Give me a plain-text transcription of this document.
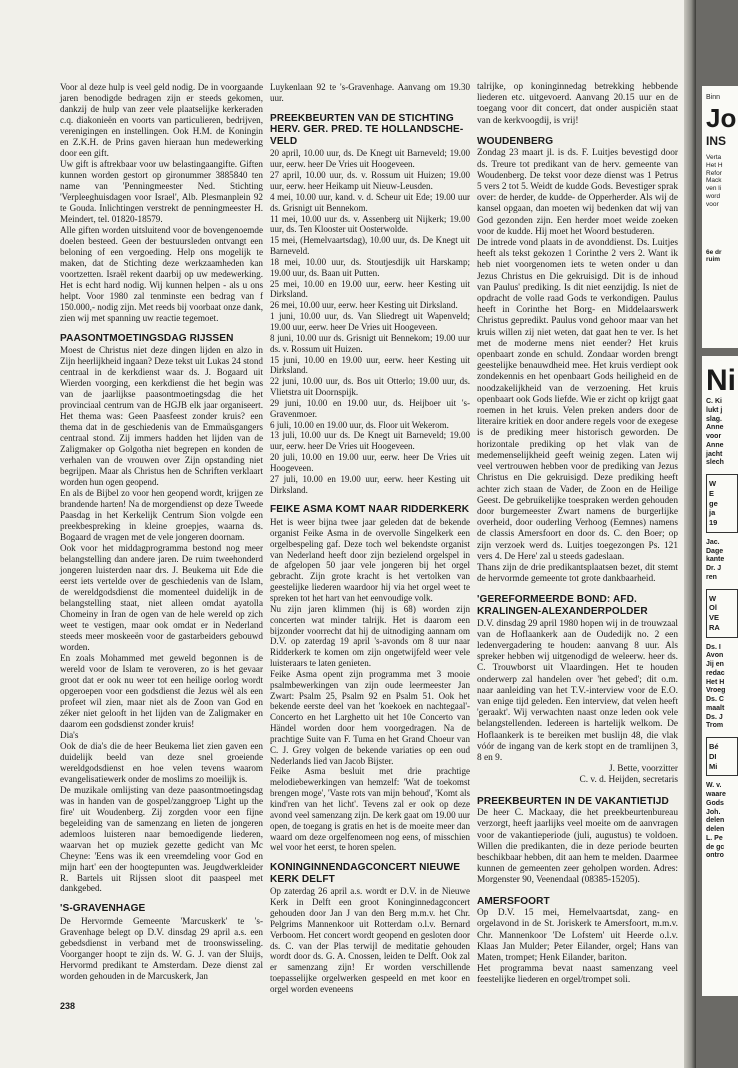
Voor al deze hulp is veel geld nodig. De in voorgaande jaren benodigde bedragen zijn er steeds gekomen, dankzij de hulp van zeer vele plaatselijke kerkeraden c.q. diakonieën en voorts van particulieren, bedrijven, verenigingen en instellingen. Ook H.M. de Koningin en Z.K.H. de Prins gaven hieraan hun medewerking door een gift.

Uw gift is aftrekbaar voor uw belastingaangifte. Giften kunnen worden gestort op gironummer 3885840 ten name van 'Penningmeester Ned. Stichting 'Verpleeghuisdagen voor Israel', Alb. Plesmanplein 92 te Gouda. Inlichtingen verstrekt de penningmeester H. Meindert, tel. 01820-18579.

Alle giften worden uitsluitend voor de bovengenoemde doelen besteed. Geen der bestuursleden ontvangt een beloning of een vergoeding. Help ons mogelijk te maken, dat de Stichting deze werkzaamheden kan voortzetten. Israël rekent daarbij op uw medewerking. Het is echt hard nodig. Wij kunnen helpen - als u ons helpt. Voor 1980 zal tenminste een bedrag van f 150.000,- nodig zijn. Met reeds bij voorbaat onze dank, zien wij met spanning uw reactie tegemoet.

PAASONTMOETINGSDAG RIJSSEN

Moest de Christus niet deze dingen lijden en alzo in Zijn heerlijkheid ingaan? Deze tekst uit Lukas 24 stond centraal in de kerkdienst waar ds. J. Bogaard uit Wierden voorging, een kerkdienst die het begin was van de jaarlijkse paasontmoetingsdag die het provinciaal centrum van de HGJB elk jaar organiseert. Het thema was: Geen Paasfeest zonder kruis? een thema dat in de geschiedenis van de Emmaüsgangers centraal stond. Zij immers hadden het lijden van de Zaligmaker op Golgotha niet begrepen en konden de verhalen van de vrouwen over Zijn opstanding niet begrijpen. Maar als Christus hen de Schriften verklaart worden hun ogen geopend.

En als de Bijbel zo voor hen geopend wordt, krijgen ze brandende harten! Na de morgendienst op deze Tweede Paasdag in het Kerkelijk Centrum Sion volgde een preekbespreking in kleine groepjes, waarna ds. Bogaard de vragen met de vele jongeren doornam.

Ook voor het middagprogramma bestond nog meer belangstelling dan andere jaren. De ruim tweehonderd jongeren luisterden naar drs. J. Beukema uit Ede die eerst iets vertelde over de geschiedenis van de Islam, de wereldgodsdienst die momenteel duidelijk in de belangstelling staat, niet alleen omdat ayatolla Chomeiny in Iran de ogen van de hele wereld op zich weet te vestigen, maar ook omdat er in Nederland steeds meer moskeeën voor de gastarbeiders gebouwd worden.

En zoals Mohammed met geweld begonnen is de wereld voor de Islam te veroveren, zo is het gevaar groot dat er ook nu weer tot een heilige oorlog wordt opgeroepen voor een godsdienst die Jezus wèl als een profeet wil zien, maar niet als de Zoon van God en zéker niet gelooft in het lijden van de Zaligmaker en daarom een godsdienst zonder kruis!

Dia's

Ook de dia's die de heer Beukema liet zien gaven een duidelijk beeld van deze snel groeiende wereldgodsdienst en hoe velen tevens waarom evangelisatiewerk onder de moslims zo moeilijk is.

De muzikale omlijsting van deze paasontmoetingsdag was in handen van de gospel/zanggroep 'Light up the fire' uit Woudenberg. Zij zorgden voor een fijne begeleiding van de samenzang en lieten de jongeren ademloos luisteren naar bemoedigende liederen, waarvan het op muziek gezette gedicht van Mc Cheyne: 'Eens was ik een vreemdeling voor God en mijn hart' een der hoogtepunten was. Jeugdwerkleider R. Bartels uit Rijssen sloot dit paaspeel met dankgebed.

'S-GRAVENHAGE

De Hervormde Gemeente 'Marcuskerk' te 's-Gravenhage belegt op D.V. dinsdag 29 april a.s. een gebedsdienst in verband met de troonswisseling. Voorganger hoopt te zijn ds. W. G. J. van der Sluijs, Hervormd predikant te Amsterdam. Deze dienst zal worden gehouden in de Marcuskerk, Jan

Luykenlaan 92 te 's-Gravenhage. Aanvang om 19.30 uur.

PREEKBEURTEN VAN DE STICHTING HERV. GER. PRED. TE HOLLANDSCHE-VELD

20 april, 10.00 uur, ds. De Knegt uit Barneveld; 19.00 uur, eerw. heer De Vries uit Hoogeveen.

27 april, 10.00 uur, ds. v. Rossum uit Huizen; 19.00 uur, eerw. heer Heikamp uit Nieuw-Leusden.

4 mei, 10.00 uur, kand. v. d. Scheur uit Ede; 19.00 uur ds. Grisnigt uit Bennekom.

11 mei, 10.00 uur ds. v. Assenberg uit Nijkerk; 19.00 uur, ds. Ten Klooster uit Oosterwolde.

15 mei, (Hemelvaartsdag), 10.00 uur, ds. De Knegt uit Barneveld.

18 mei, 10.00 uur, ds. Stoutjesdijk uit Harskamp; 19.00 uur, ds. Baan uit Putten.

25 mei, 10.00 en 19.00 uur, eerw. heer Kesting uit Dirksland.

26 mei, 10.00 uur, eerw. heer Kesting uit Dirksland.

1 juni, 10.00 uur, ds. Van Sliedregt uit Wapenveld; 19.00 uur, eerw. heer De Vries uit Hoogeveen.

8 juni, 10.00 uur ds. Grisnigt uit Bennekom; 19.00 uur ds. v. Rossum uit Huizen.

15 juni, 10.00 en 19.00 uur, eerw. heer Kesting uit Dirksland.

22 juni, 10.00 uur, ds. Bos uit Otterlo; 19.00 uur, ds. Vlietstra uit Doornspijk.

29 juni, 10.00 en 19.00 uur, ds. Heijboer uit 's-Gravenmoer.

6 juli, 10.00 en 19.00 uur, ds. Floor uit Wekerom.

13 juli, 10.00 uur ds. De Knegt uit Barneveld; 19.00 uur, eerw. heer De Vries uit Hoogeveen.

20 juli, 10.00 en 19.00 uur, eerw. heer De Vries uit Hoogeveen.

27 juli, 10.00 en 19.00 uur, eerw. heer Kesting uit Dirksland.

FEIKE ASMA KOMT NAAR RIDDERKERK

Het is weer bijna twee jaar geleden dat de bekende organist Feike Asma in de overvolle Singelkerk een orgelbespeling gaf. Deze toch wel bekendste organist van Nederland heeft door zijn bezielend orgelspel in de afgelopen 50 jaar vele jongeren bij het orgel gebracht. Zijn grote kracht is het vertolken van geestelijke liederen waardoor hij via het orgel weet te spreken tot het hart van het eenvoudige volk.

Nu zijn jaren klimmen (hij is 68) worden zijn concerten wat minder talrijk. Het is daarom een bijzonder voorrecht dat hij de uitnodiging aannam om D.V. op zaterdag 19 april 's-avonds om 8 uur naar Ridderkerk te komen om zijn ongetwijfeld weer vele luisteraars te laten genieten.

Feike Asma opent zijn programma met 3 mooie psalmbewerkingen van zijn oude leermeester Jan Zwart: Psalm 25, Psalm 92 en Psalm 51. Ook het bekende eerste deel van het 'koekoek en nachtegaal'-Concerto en het Larghetto uit het 10e Concerto van Händel worden door hem voorgedragen. Na de prachtige Suite van F. Tuma en het Grand Choeur van C. J. Grey volgen de bekende variaties op een oud Nederlands lied van Jacob Bijster.

Feike Asma besluit met drie prachtige melodiebewerkingen van hemzelf: 'Wat de toekomst brengen moge', 'Vaste rots van mijn behoud', 'Komt als kind'ren van het licht'. Tevens zal er ook op deze avond veel samenzang zijn. De kerk gaat om 19.00 uur open, de toegang is gratis en het is de moeite meer dan waard om deze orgelfenomeen nog eens, of misschien wel voor het eerst, te horen spelen.

KONINGINNENDAGCONCERT NIEUWE KERK DELFT

Op zaterdag 26 april a.s. wordt er D.V. in de Nieuwe Kerk in Delft een groot Koninginnedagconcert gehouden door Jan J van den Berg m.m.v. het Chr. Pelgrims Mannenkoor uit Rotterdam o.l.v. Bernard Verboom. Het concert wordt geopend en gesloten door ds. C. van der Plas terwijl de meditatie gehouden wordt door ds. G. A. Cnossen, leiden te Delft. Ook zal er samenzang zijn! Er worden verschillende toepasselijke orgelwerken gespeeld en met koor en orgel worden eveneens

talrijke, op koninginnedag betrekking hebbende liederen etc. uitgevoerd. Aanvang 20.15 uur en de toegang voor dit concert, dat onder auspiciën staat van de kerkvoogdij, is vrij!

WOUDENBERG

Zondag 23 maart jl. is ds. F. Luitjes bevestigd door ds. Treure tot predikant van de herv. gemeente van Woudenberg. De tekst voor deze dienst was 1 Petrus 5 vers 2 tot 5. Weidt de kudde Gods. Bevestiger sprak over: de herder, de kudde- de Opperherder. Als wij de kansel opgaan, dan moeten wij bedenken dat wij van God gezonden zijn. Een herder moet weide zoeken voor de kudde. Hij moet het Woord bestuderen.

De intrede vond plaats in de avonddienst. Ds. Luitjes heeft als tekst gekozen 1 Corinthe 2 vers 2. Want ik heb niet voorgenomen iets te weten onder u dan Jezus Christus en Die gekruisigd. Dit is de inhoud van Paulus' prediking. Is dit niet eenzijdig. Is niet de opdracht de volle raad Gods te verkondigen. Paulus heeft in Corinthe het Borg- en Middelaarswerk Christus gepredikt. Paulus vond gehoor maar van het kruis willen zij niet weten, dat gaat hen te ver. Is het met de moderne mens niet eender? Het kruis openbaart zonde en schuld. Zondaar worden brengt geestelijke benauwdheid mee. Het kruis verdiept ook zondekennis en het openbaart Gods heiligheid en de noodzakelijkheid van de verzoening. Het kruis openbaart ook Gods liefde. Wie er zicht op krijgt gaat roemen in het kruis. Velen preken anders door de literaire kritiek en door andere regels voor de exegese is de prediking meer historisch geworden. De horizontale prediking op het vlak van de medemenselijkheid geeft weinig zegen. Laten wij veel vertrouwen hebben voor de prediking van Jezus Christus en Die gekruisigd. Deze prediking heeft achter zich staan de Vader, de Zoon en de Heilige Geest. De gebruikelijke toespraken werden gehouden door burgemeester Zwart namens de burgerlijke overheid, door ouderling Verhoog (Eemnes) namens de classis Amersfoort en door ds. C. den Boer; op zijn verzoek werd ds. Luitjes toegezongen Ps. 121 vers 4. De Here' zal u steeds gadeslaan.

Thans zijn de drie predikantsplaatsen bezet, dit stemt de hervormde gemeente tot grote dankbaarheid.

'GEREFORMEERDE BOND: AFD. KRALINGEN-ALEXANDERPOLDER

D.V. dinsdag 29 april 1980 hopen wij in de trouwzaal van de Hoflaankerk aan de Oudedijk no. 2 een ledenvergadering te houden: aanvang 8 uur. Als spreker hebben wij uitgenodigd de weleerw. heer ds. C. Trouwborst uit Vlaardingen. Het te houden onderwerp zal handelen over 'het gebed'; dit o.m. naar aanleiding van het T.V.-interview voor de E.O. van enige tijd geleden. Een interview, dat velen heeft 'geraakt'. Wij verwachten naast onze leden ook vele belangstellenden. Iedereen is hartelijk welkom. De Hoflaankerk is te bereiken met buslijn 48, die vlak vóór de ingang van de kerk stopt en de tramlijnen 3, 8 en 9.

J. Bette, voorzitter

C. v. d. Heijden, secretaris

PREEKBEURTEN IN DE VAKANTIETIJD

De heer C. Mackaay, die het preekbeurtenbureau verzorgt, heeft jaarlijks veel moeite om de aanvragen voor de vakantieperiode (juli, augustus) te voldoen. Willen die predikanten, die in deze periode beurten beschikbaar hebben, dit aan hem te melden. Daarmee kunnen de gemeenten zeer geholpen worden. Adres: Morgenster 90, Veenendaal (08385-15205).

AMERSFOORT

Op D.V. 15 mei, Hemelvaartsdat, zang- en orgelavond in de St. Joriskerk te Amersfoort, m.m.v. Chr. Mannenkoor 'De Lofstem' uit Heerde o.l.v. Klaas Jan Mulder; Peter Eilander, orgel; Hans van Maten, trompet; Henk Eilander, bariton.

Het programma bevat naast samenzang veel feestelijke liederen en orgel/trompet soli.

238
Binn
Jo
INS
Verta
Het H
Refor
Mack
ven li
word
voor
6e dr
ruim
Ni
C. Ki
lukt j
slag.
Anne
voor
Anne
jacht
slech
W
E
ge
ja
19
Jac.
Dage
kante
Dr. J
ren
W
Ol
VE
RA
Ds. I
Avon
Jij en
redac
Het H
Vroeg
Ds. C
maalt
Ds. J
Trom
Bé
DI
Mi
W. v.
waare
Gods
Joh.
delen
delen
L. Pe
de gc
ontro
